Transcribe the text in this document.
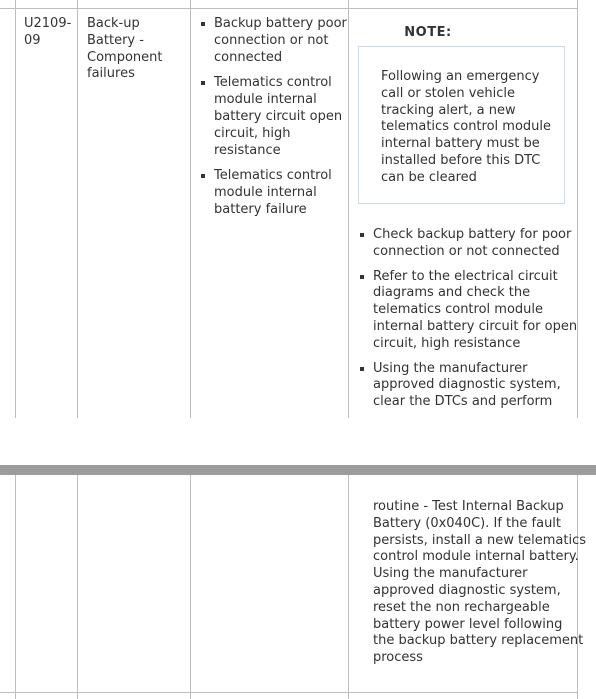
U2109-
09
Back-up
Battery -
Component
failures
Backup battery poor
connection or not
connected
Telematics control
module internal
battery circuit open
circuit, high
resistance
Telematics control
module internal
battery failure
NOTE:
Following an emergency
call or stolen vehicle
tracking alert, a new
telematics control module
internal battery must be
installed before this DTC
can be cleared
Check backup battery for poor
connection or not connected
Refer to the electrical circuit
diagrams and check the
telematics control module
internal battery circuit for open
circuit, high resistance
Using the manufacturer
approved diagnostic system,
clear the DTCs and perform
routine - Test Internal Backup
Battery (0x040C). If the fault
persists, install a new telematics
control module internal battery.
Using the manufacturer
approved diagnostic system,
reset the non rechargeable
battery power level following
the backup battery replacement
process
